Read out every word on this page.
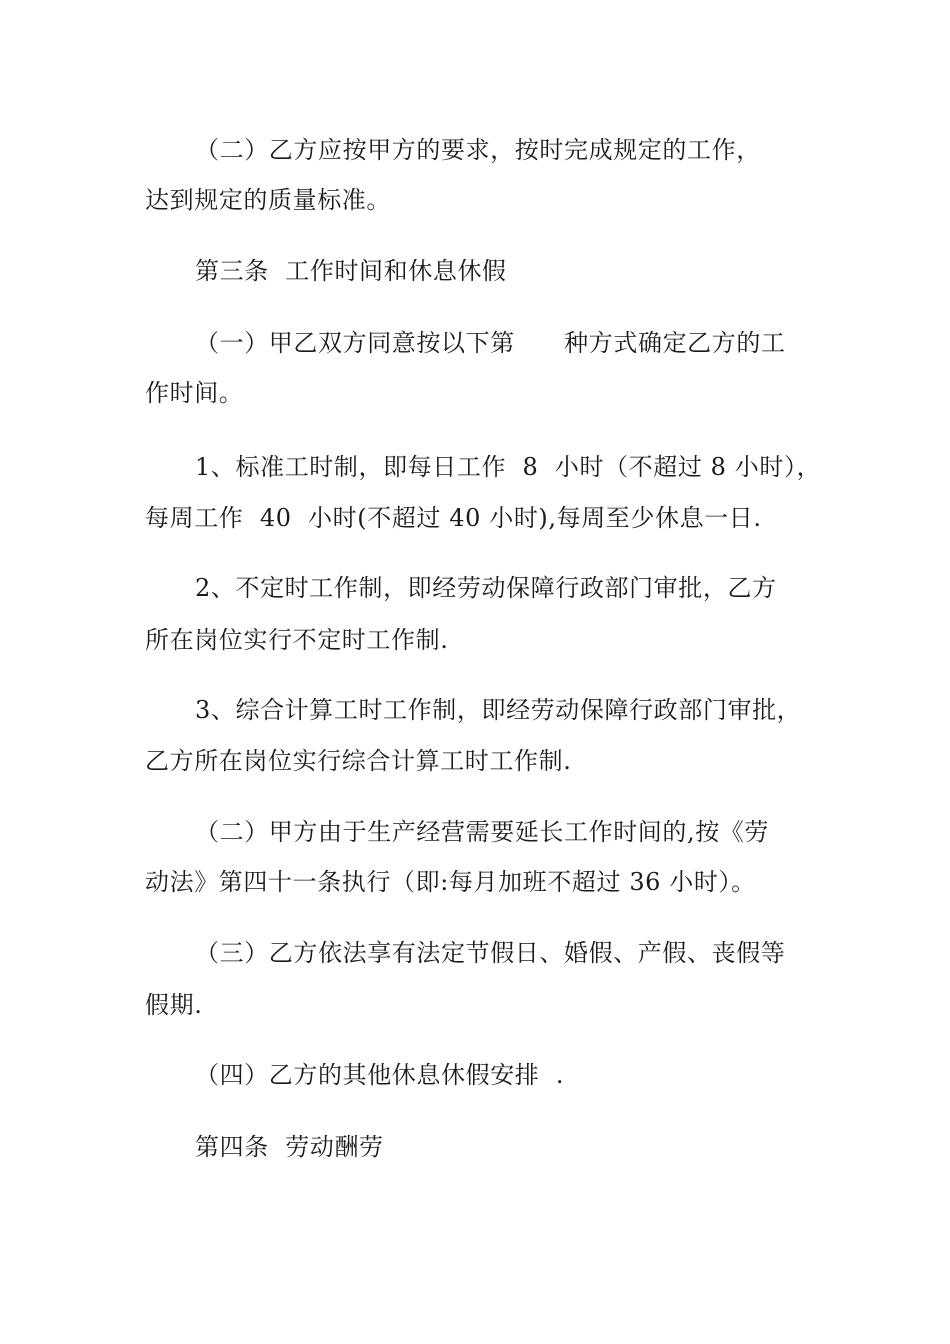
（二）乙方应按甲方的要求，按时完成规定的工作，
达到规定的质量标准。
第三条  工作时间和休息休假
（一）甲乙双方同意按以下第      种方式确定乙方的工
作时间。
1、标准工时制，即每日工作  8  小时（不超过 8 小时），
每周工作  40  小时(不超过 40 小时),每周至少休息一日.
2、不定时工作制，即经劳动保障行政部门审批，乙方
所在岗位实行不定时工作制.
3、综合计算工时工作制，即经劳动保障行政部门审批，
乙方所在岗位实行综合计算工时工作制.
（二）甲方由于生产经营需要延长工作时间的,按《劳
动法》第四十一条执行（即:每月加班不超过 36 小时）。
（三）乙方依法享有法定节假日、婚假、产假、丧假等
假期.
（四）乙方的其他休息休假安排  .
第四条  劳动酬劳
